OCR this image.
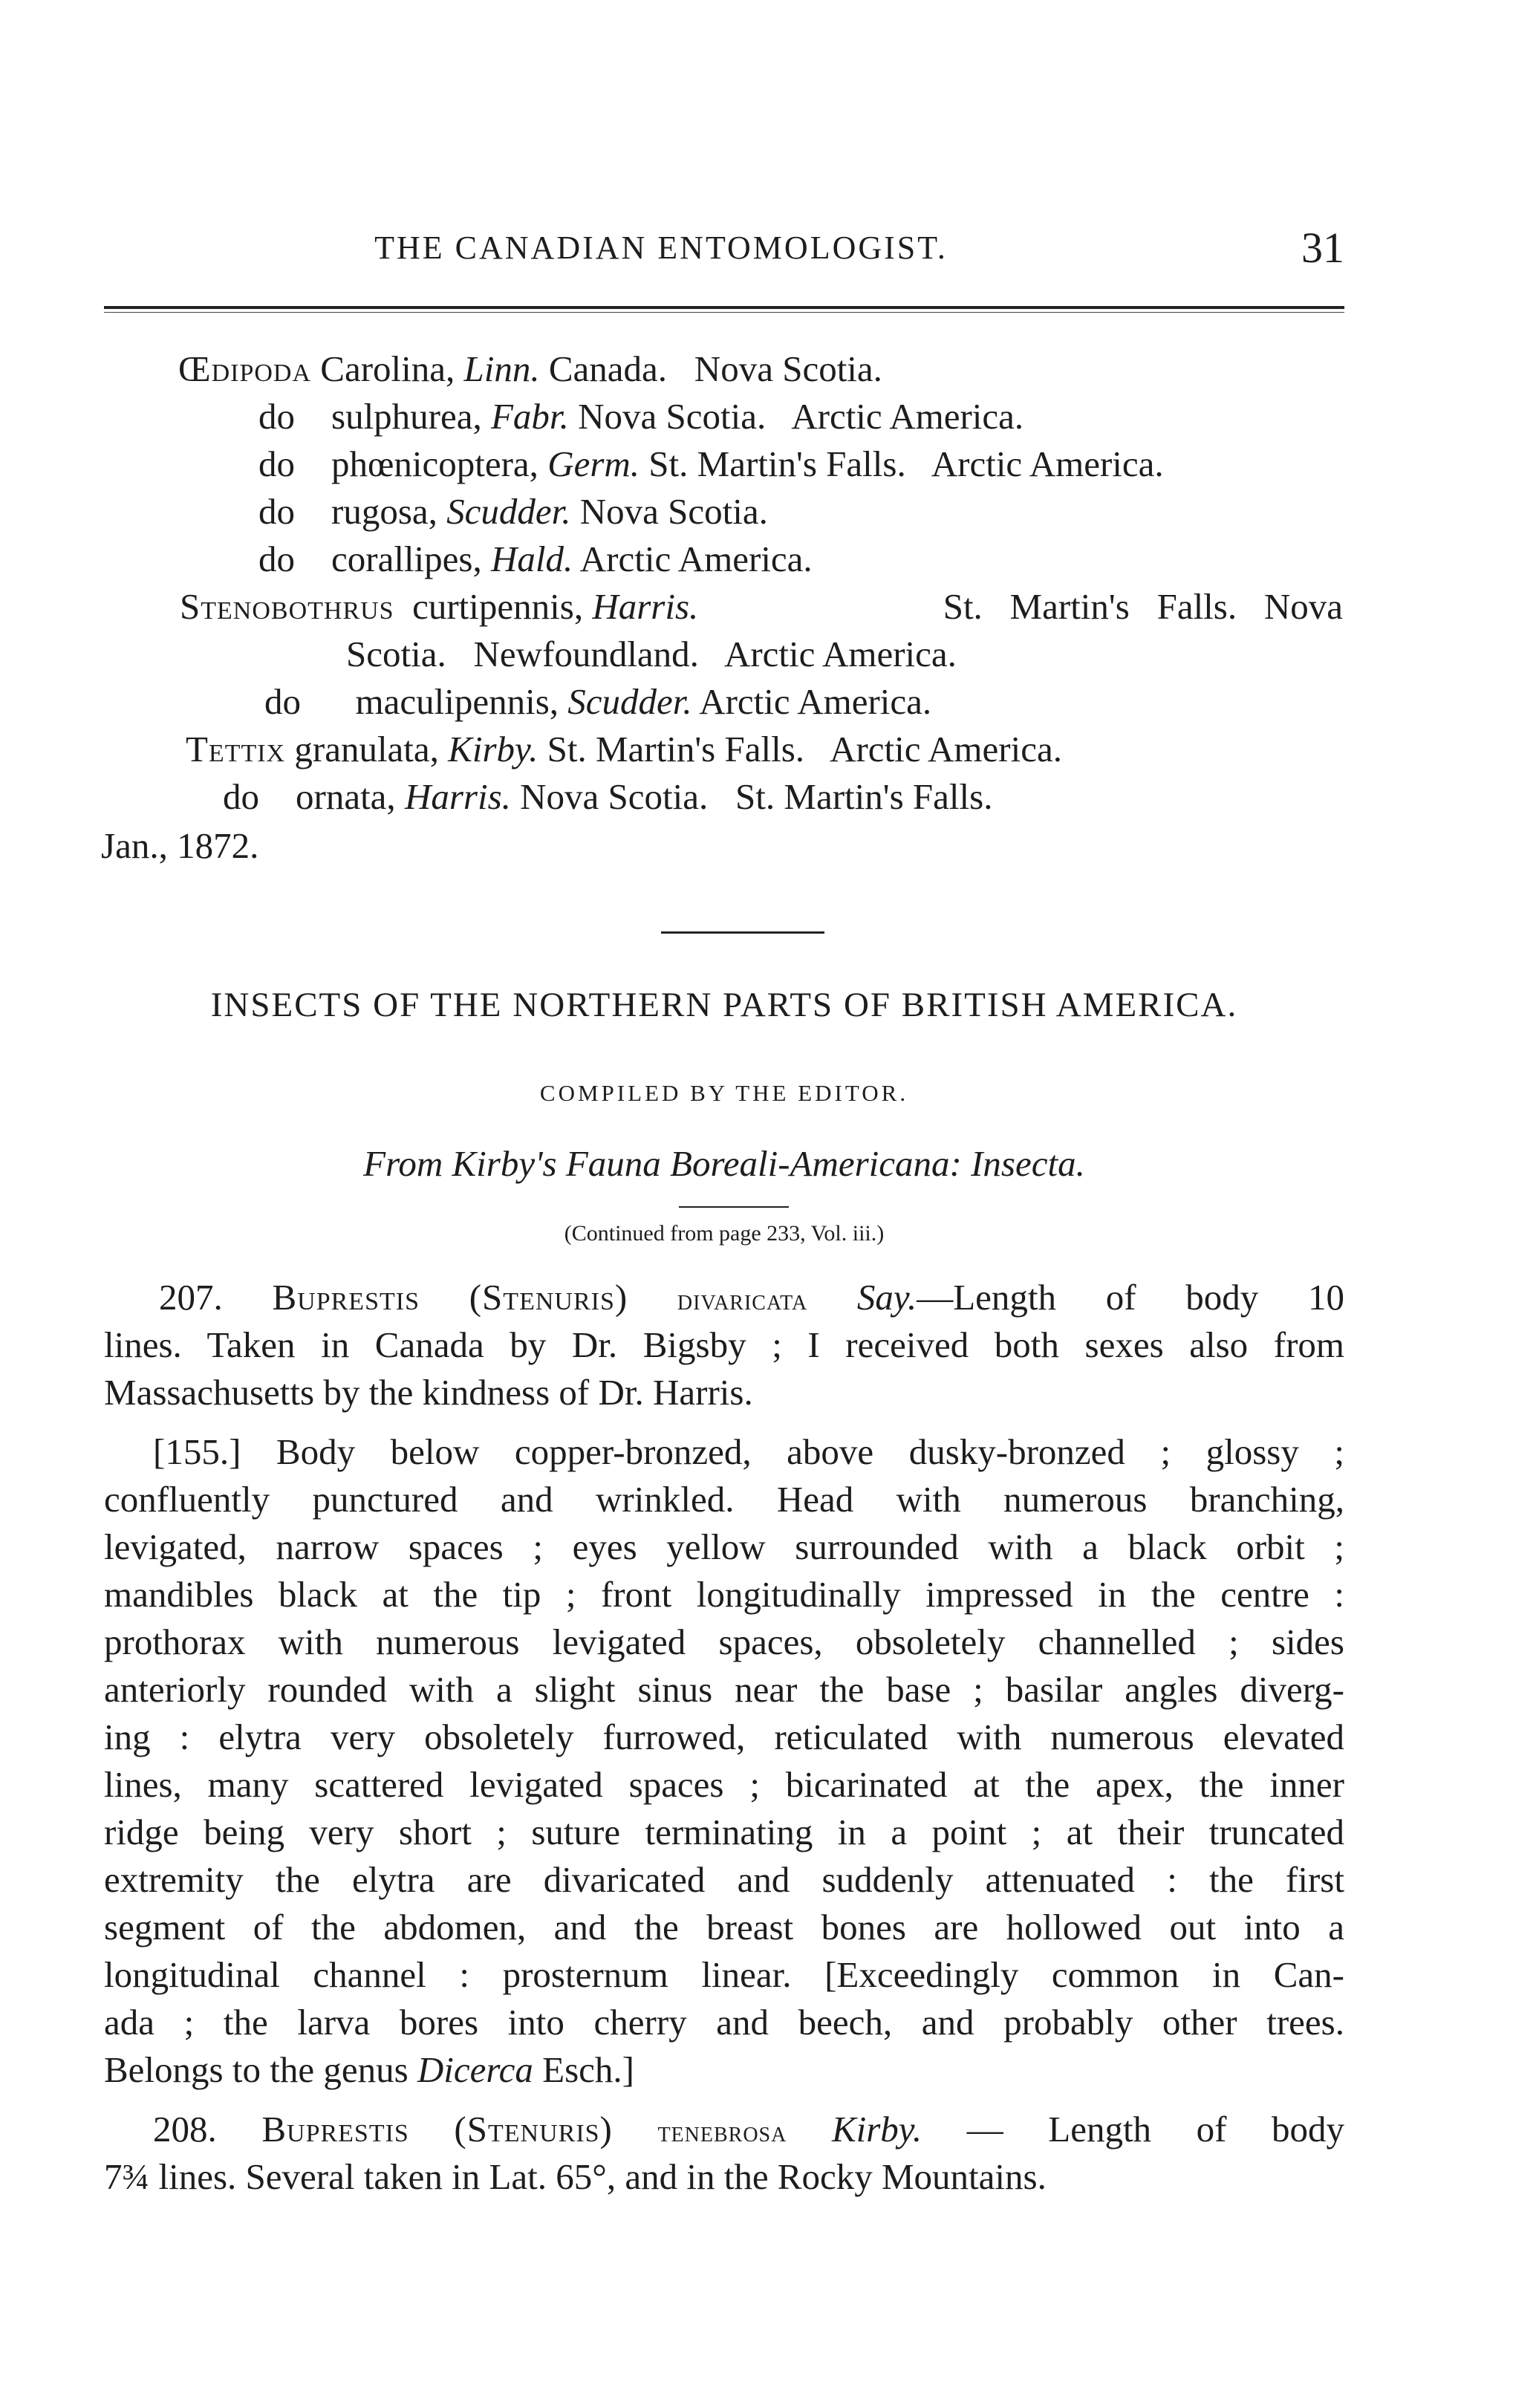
THE CANADIAN ENTOMOLOGIST.	31
Œdipoda Carolina, Linn. Canada.   Nova Scotia.
do sulphurea, Fabr. Nova Scotia.   Arctic America.
do phœnicoptera, Germ. St. Martin's Falls.   Arctic America.
do rugosa, Scudder. Nova Scotia.
do corallipes, Hald. Arctic America.
Stenobothrus curtipennis, Harris.	St.   Martin's   Falls.   Nova
Scotia.   Newfoundland.   Arctic America.
do maculipennis, Scudder. Arctic America.
Tettix granulata, Kirby. St. Martin's Falls.   Arctic America.
do ornata, Harris. Nova Scotia.   St. Martin's Falls.
Jan., 1872.
INSECTS OF THE NORTHERN PARTS OF BRITISH AMERICA.
COMPILED BY THE EDITOR.
From Kirby's Fauna Boreali-Americana: Insecta.
(Continued from page 233, Vol. iii.)
207. Buprestis (Stenuris) divaricata Say.—Length of body 10
lines. Taken in Canada by Dr. Bigsby ; I received both sexes also from
Massachusetts by the kindness of Dr. Harris.
[155.] Body below copper-bronzed, above dusky-bronzed ; glossy ;
confluently punctured and wrinkled. Head with numerous branching,
levigated, narrow spaces ; eyes yellow surrounded with a black orbit ;
mandibles black at the tip ; front longitudinally impressed in the centre :
prothorax with numerous levigated spaces, obsoletely channelled ; sides
anteriorly rounded with a slight sinus near the base ; basilar angles diverg-
ing : elytra very obsoletely furrowed, reticulated with numerous elevated
lines, many scattered levigated spaces ; bicarinated at the apex, the inner
ridge being very short ; suture terminating in a point ; at their truncated
extremity the elytra are divaricated and suddenly attenuated : the first
segment of the abdomen, and the breast bones are hollowed out into a
longitudinal channel : prosternum linear. [Exceedingly common in Can-
ada ; the larva bores into cherry and beech, and probably other trees.
Belongs to the genus Dicerca Esch.]
208. Buprestis (Stenuris) tenebrosa Kirby. — Length of body
7¾ lines. Several taken in Lat. 65°, and in the Rocky Mountains.
